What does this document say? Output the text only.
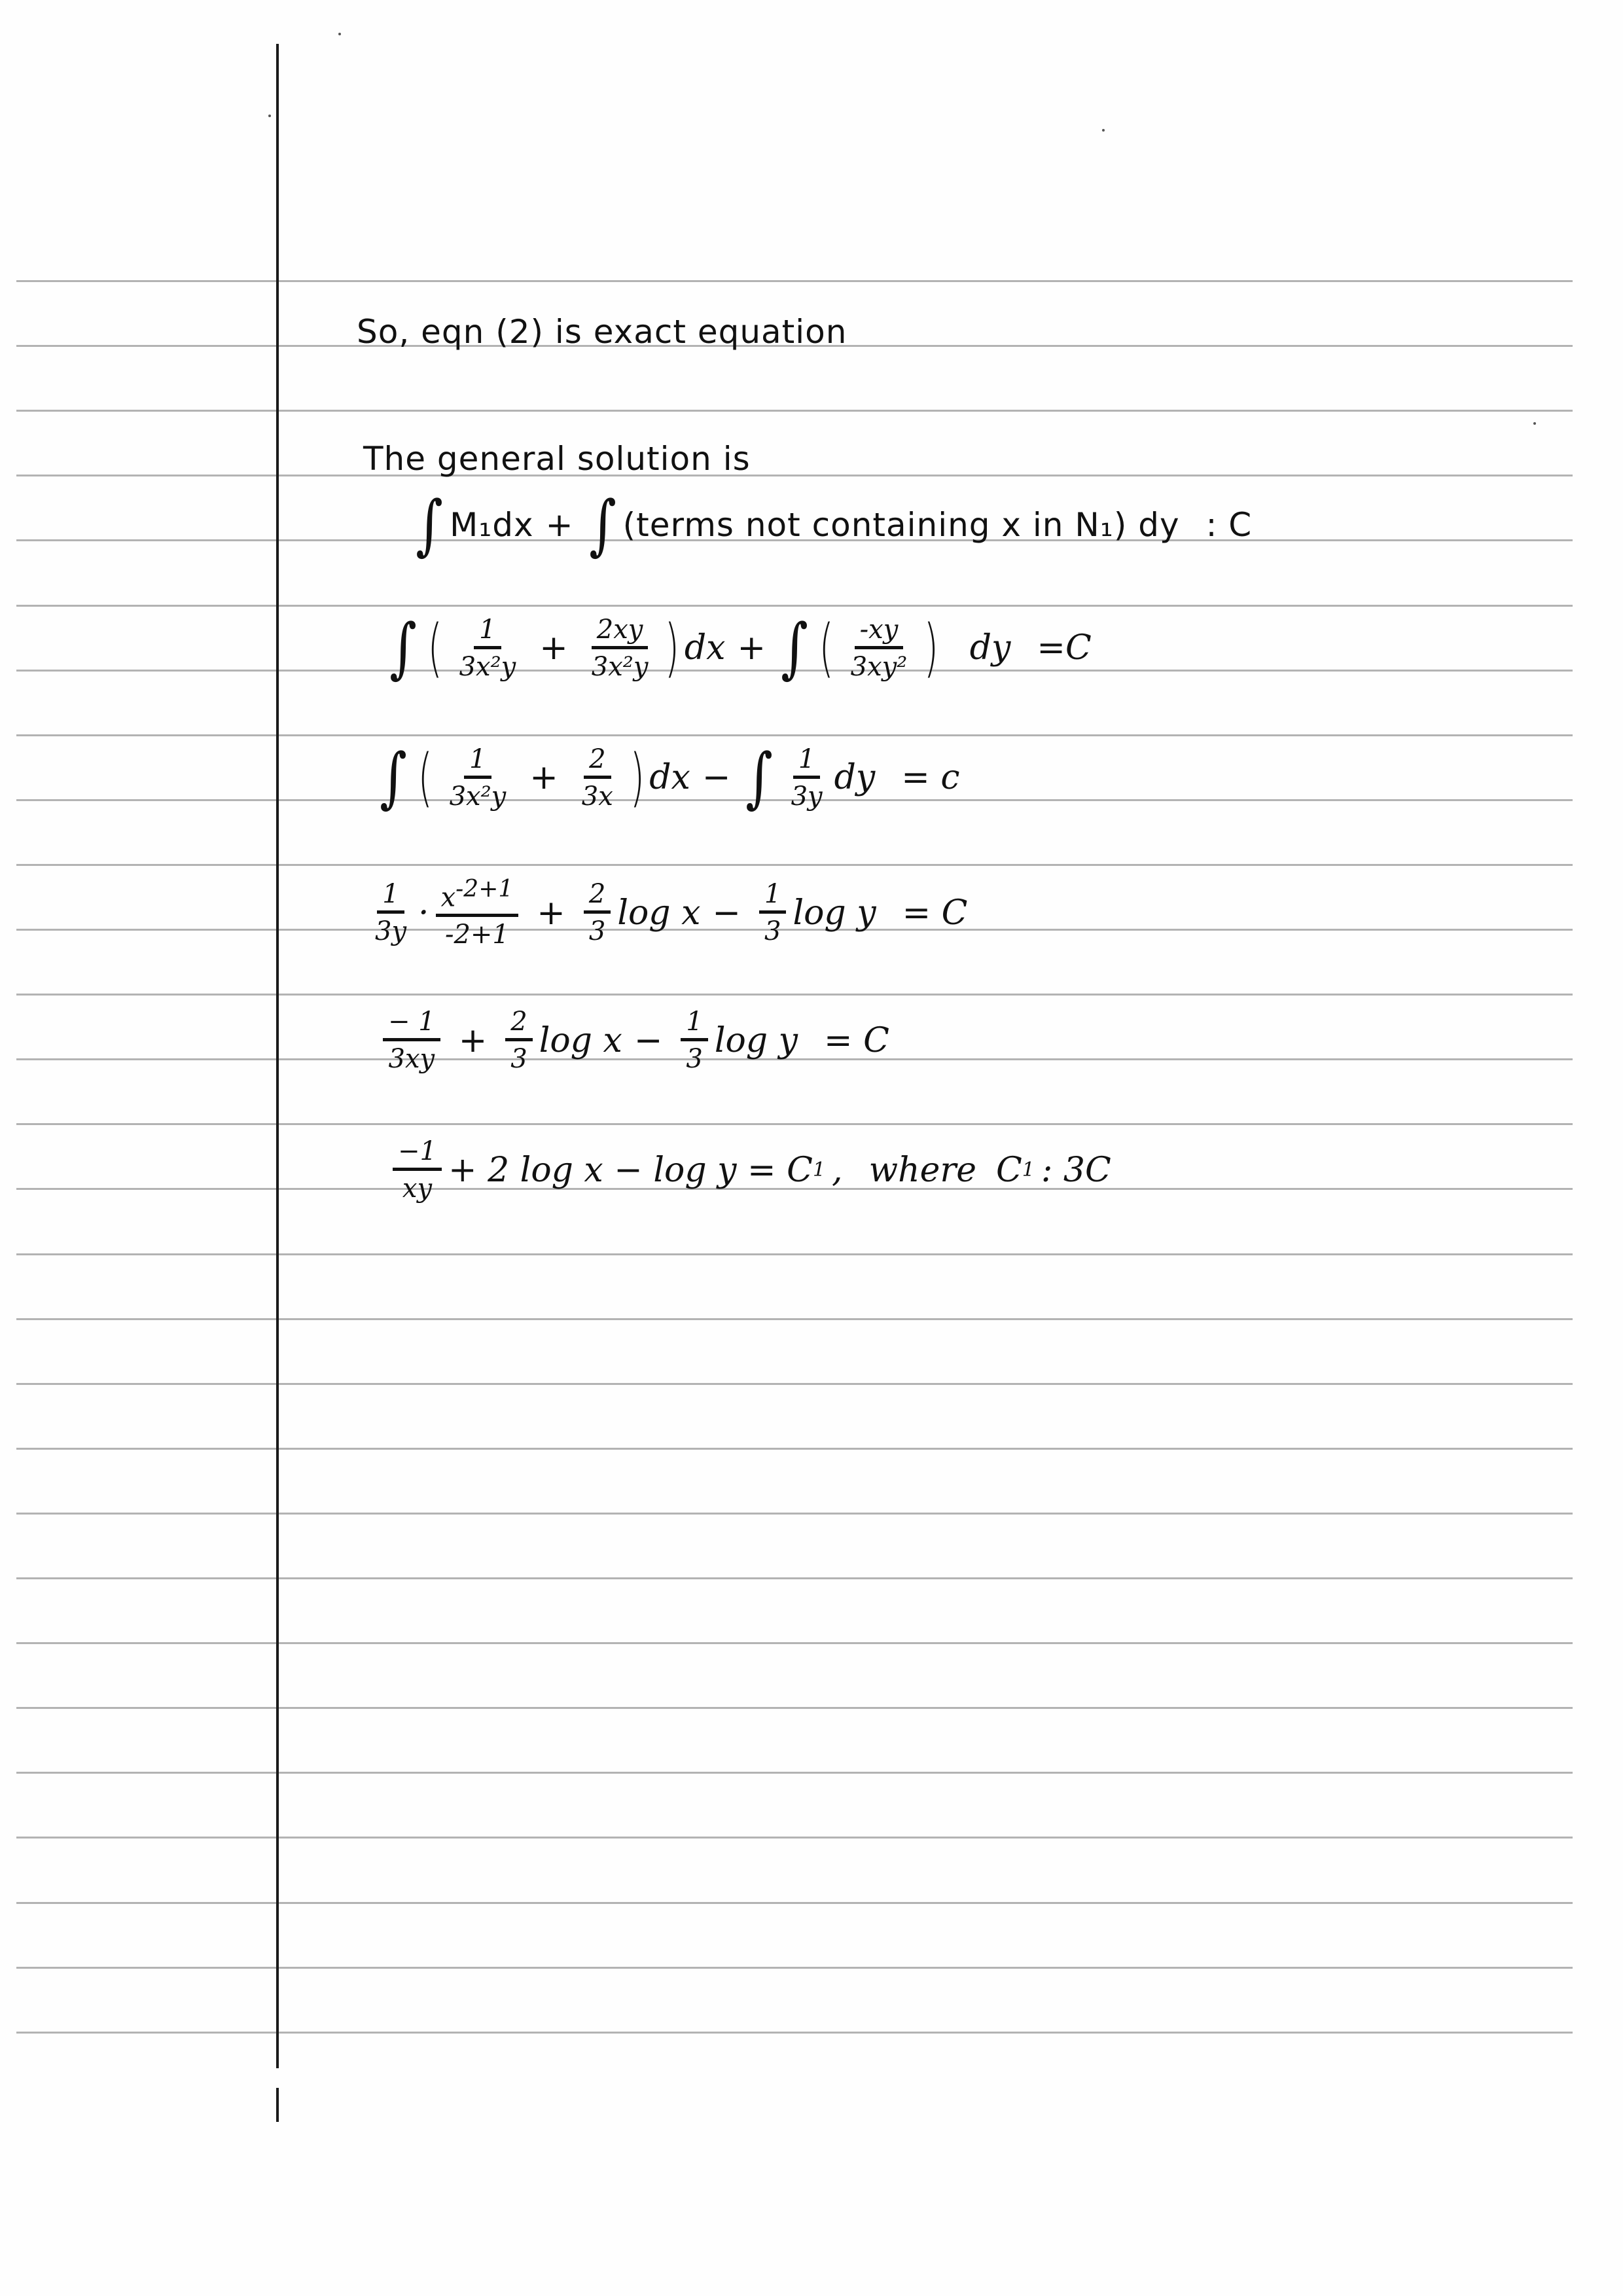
So, eqn (2) is exact equation
The general solution is
∫ M₁dx + ∫ (terms not containing x in N₁) dy : C
∫ ( $\frac{1}{\text{3x²y}} + \frac{2xy}{\text{3x²y}}$ ) dx + ∫ ( $\frac{-xy}{\text{3xy²}}$ ) dy =C
∫ ( $\frac{1}{\text{3x²y}} + \frac{2}{3x}$ ) dx − ∫ $\frac{1}{3y}$ dy = c
$\frac{1}{3y} \cdot \frac{x-2+1}{-2+1} + \frac{2}{3}$ $\log x - \frac{1}{3}$ log y = C
$\frac{- 1}{3xy} + \frac{2}{3}$ $\log x - \frac{1}{3}$ log y = C
$\frac{-1}{xy} + 2$ log x − log y = C 1 , where C 1 : 3C
